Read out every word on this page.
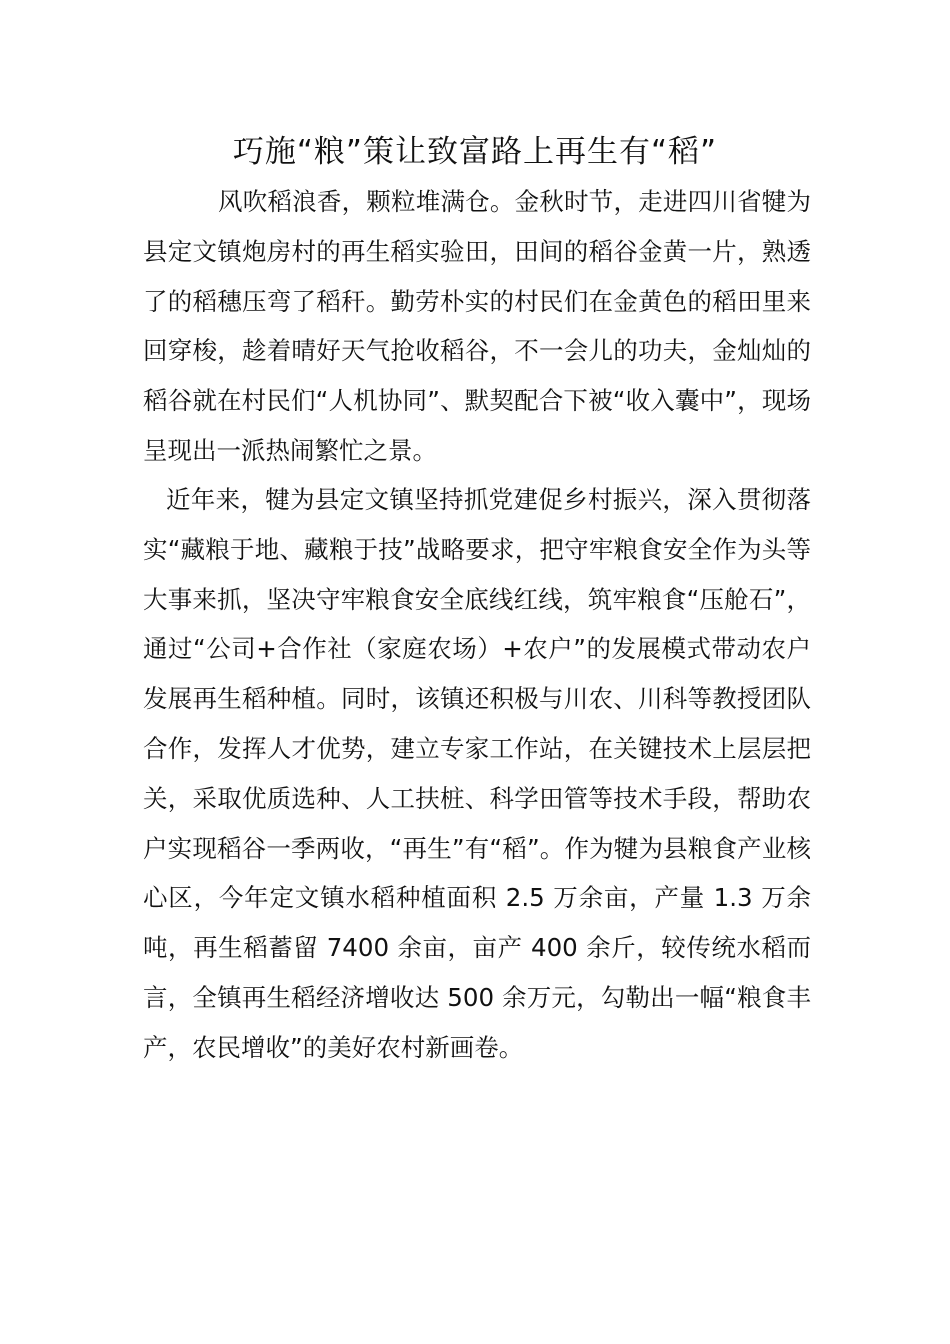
巧施“粮”策让致富路上再生有“稻”

风吹稻浪香，颗粒堆满仓。金秋时节，走进四川省犍为县定文镇炮房村的再生稻实验田，田间的稻谷金黄一片，熟透了的稻穗压弯了稻秆。勤劳朴实的村民们在金黄色的稻田里来回穿梭，趁着晴好天气抢收稻谷，不一会儿的功夫，金灿灿的稻谷就在村民们“人机协同”、默契配合下被“收入囊中”，现场呈现出一派热闹繁忙之景。

近年来，犍为县定文镇坚持抓党建促乡村振兴，深入贯彻落实“藏粮于地、藏粮于技”战略要求，把守牢粮食安全作为头等大事来抓，坚决守牢粮食安全底线红线，筑牢粮食“压舱石”，通过“公司+合作社（家庭农场）+农户”的发展模式带动农户发展再生稻种植。同时，该镇还积极与川农、川科等教授团队合作，发挥人才优势，建立专家工作站，在关键技术上层层把关，采取优质选种、人工扶桩、科学田管等技术手段，帮助农户实现稻谷一季两收，“再生”有“稻”。作为犍为县粮食产业核心区，今年定文镇水稻种植面积 2.5 万余亩，产量 1.3 万余吨，再生稻蓄留 7400 余亩，亩产 400 余斤，较传统水稻而言，全镇再生稻经济增收达 500 余万元，勾勒出一幅“粮食丰产，农民增收”的美好农村新画卷。
